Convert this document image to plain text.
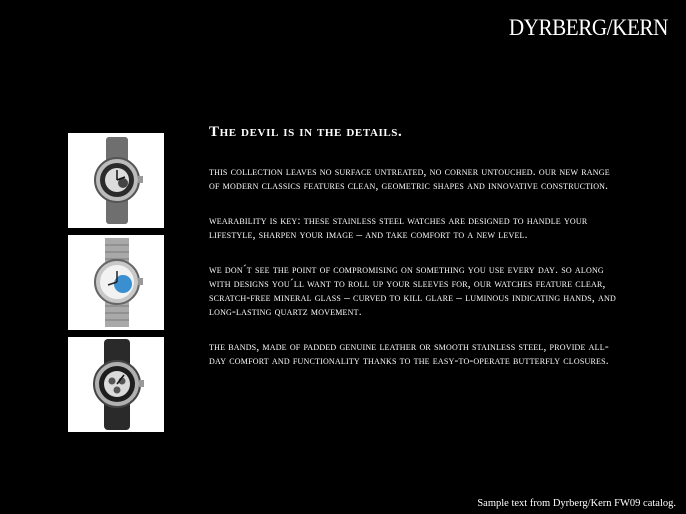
DYRBERG/KERN
The devil is in the details.

this collection leaves no surface untreated, no corner untouched. our new range of modern classics features clean, geometric shapes and innovative construction.

wearability is key: these stainless steel watches are designed to handle your lifestyle, sharpen your image – and take comfort to a new level.

we don´t see the point of compromising on something you use every day. so along with designs you´ll want to roll up your sleeves for, our watches feature clear, scratch-free mineral glass – curved to kill glare – luminous indicating hands, and long-lasting quartz movement.

the bands, made of padded genuine leather or smooth stainless steel, provide all-day comfort and functionality thanks to the easy-to-operate butterfly closures.

Sample text from Dyrberg/Kern FW09 catalog.
